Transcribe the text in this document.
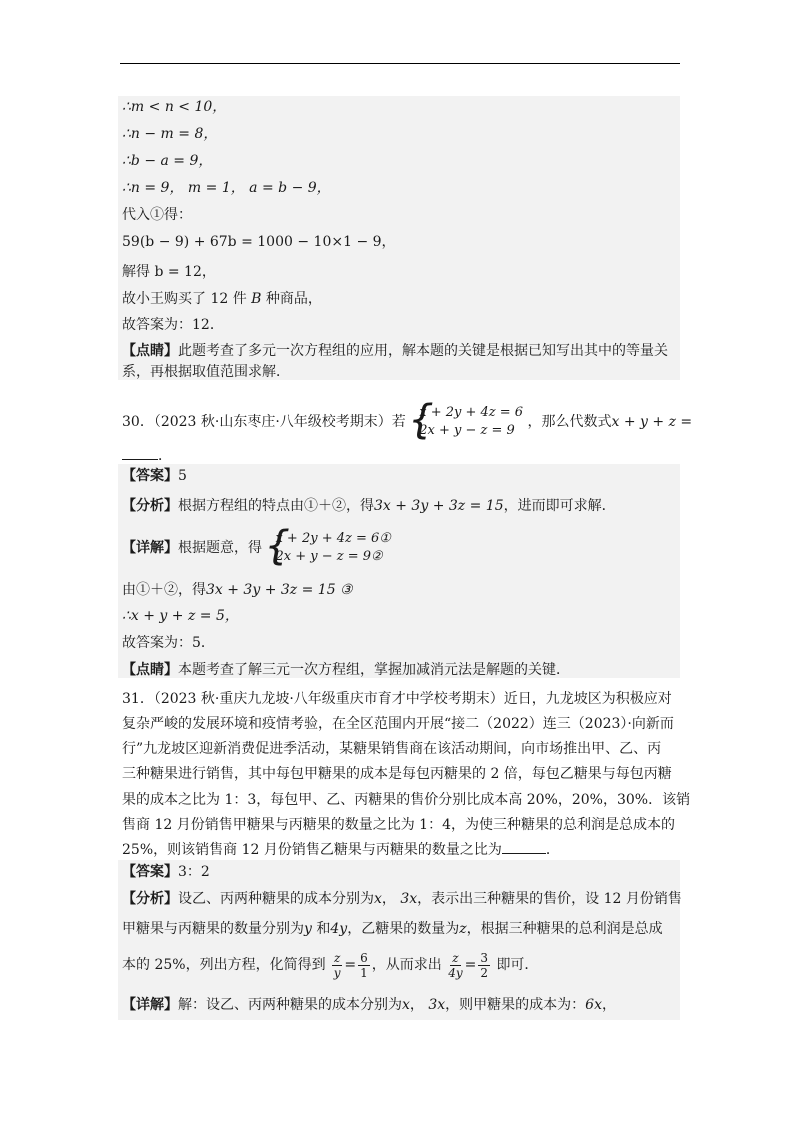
∴m < n < 10，
∴n − m = 8，
∴b − a = 9，
∴n = 9， m = 1， a = b − 9，
代入①得：
59(b − 9) + 67b = 1000 − 10×1 − 9，
解得 b = 12，
故小王购买了 12 件 B 种商品，
故答案为：12．
【点睛】此题考查了多元一次方程组的应用，解本题的关键是根据已知写出其中的等量关
系，再根据取值范围求解．
30．（2023 秋·山东枣庄·八年级校考期末）若
{ x + 2y + 4z = 6
2x + y − z = 9
，那么代数式x + y + z =
．
【答案】5
【分析】根据方程组的特点由①＋②，得3x + 3y + 3z = 15，进而即可求解．
【详解】根据题意，得
{ x + 2y + 4z = 6①
2x + y − z = 9②
由①＋②，得3x + 3y + 3z = 15 ③
∴x + y + z = 5，
故答案为：5．
【点睛】本题考查了解三元一次方程组，掌握加减消元法是解题的关键．
31．（2023 秋·重庆九龙坡·八年级重庆市育才中学校考期末）近日，九龙坡区为积极应对
复杂严峻的发展环境和疫情考验，在全区范围内开展“接二（2022）连三（2023）·向新而
行”九龙坡区迎新消费促进季活动，某糖果销售商在该活动期间，向市场推出甲、乙、丙
三种糖果进行销售，其中每包甲糖果的成本是每包丙糖果的 2 倍，每包乙糖果与每包丙糖
果的成本之比为 1：3，每包甲、乙、丙糖果的售价分别比成本高 20%，20%，30%．该销
售商 12 月份销售甲糖果与丙糖果的数量之比为 1：4，为使三种糖果的总利润是总成本的
25%，则该销售商 12 月份销售乙糖果与丙糖果的数量之比为	．
【答案】3：2
【分析】设乙、丙两种糖果的成本分别为x， 3x，表示出三种糖果的售价，设 12 月份销售
甲糖果与丙糖果的数量分别为y 和4y，乙糖果的数量为z，根据三种糖果的总利润是总成
本的 25%，列出方程，化简得到 $\frac{z}{y} = \frac{6}{1}$ ，从而求出 $\frac{z}{4y} = \frac{3}{2}$ 即可．
【详解】解：设乙、丙两种糖果的成本分别为x， 3x，则甲糖果的成本为：6x，
